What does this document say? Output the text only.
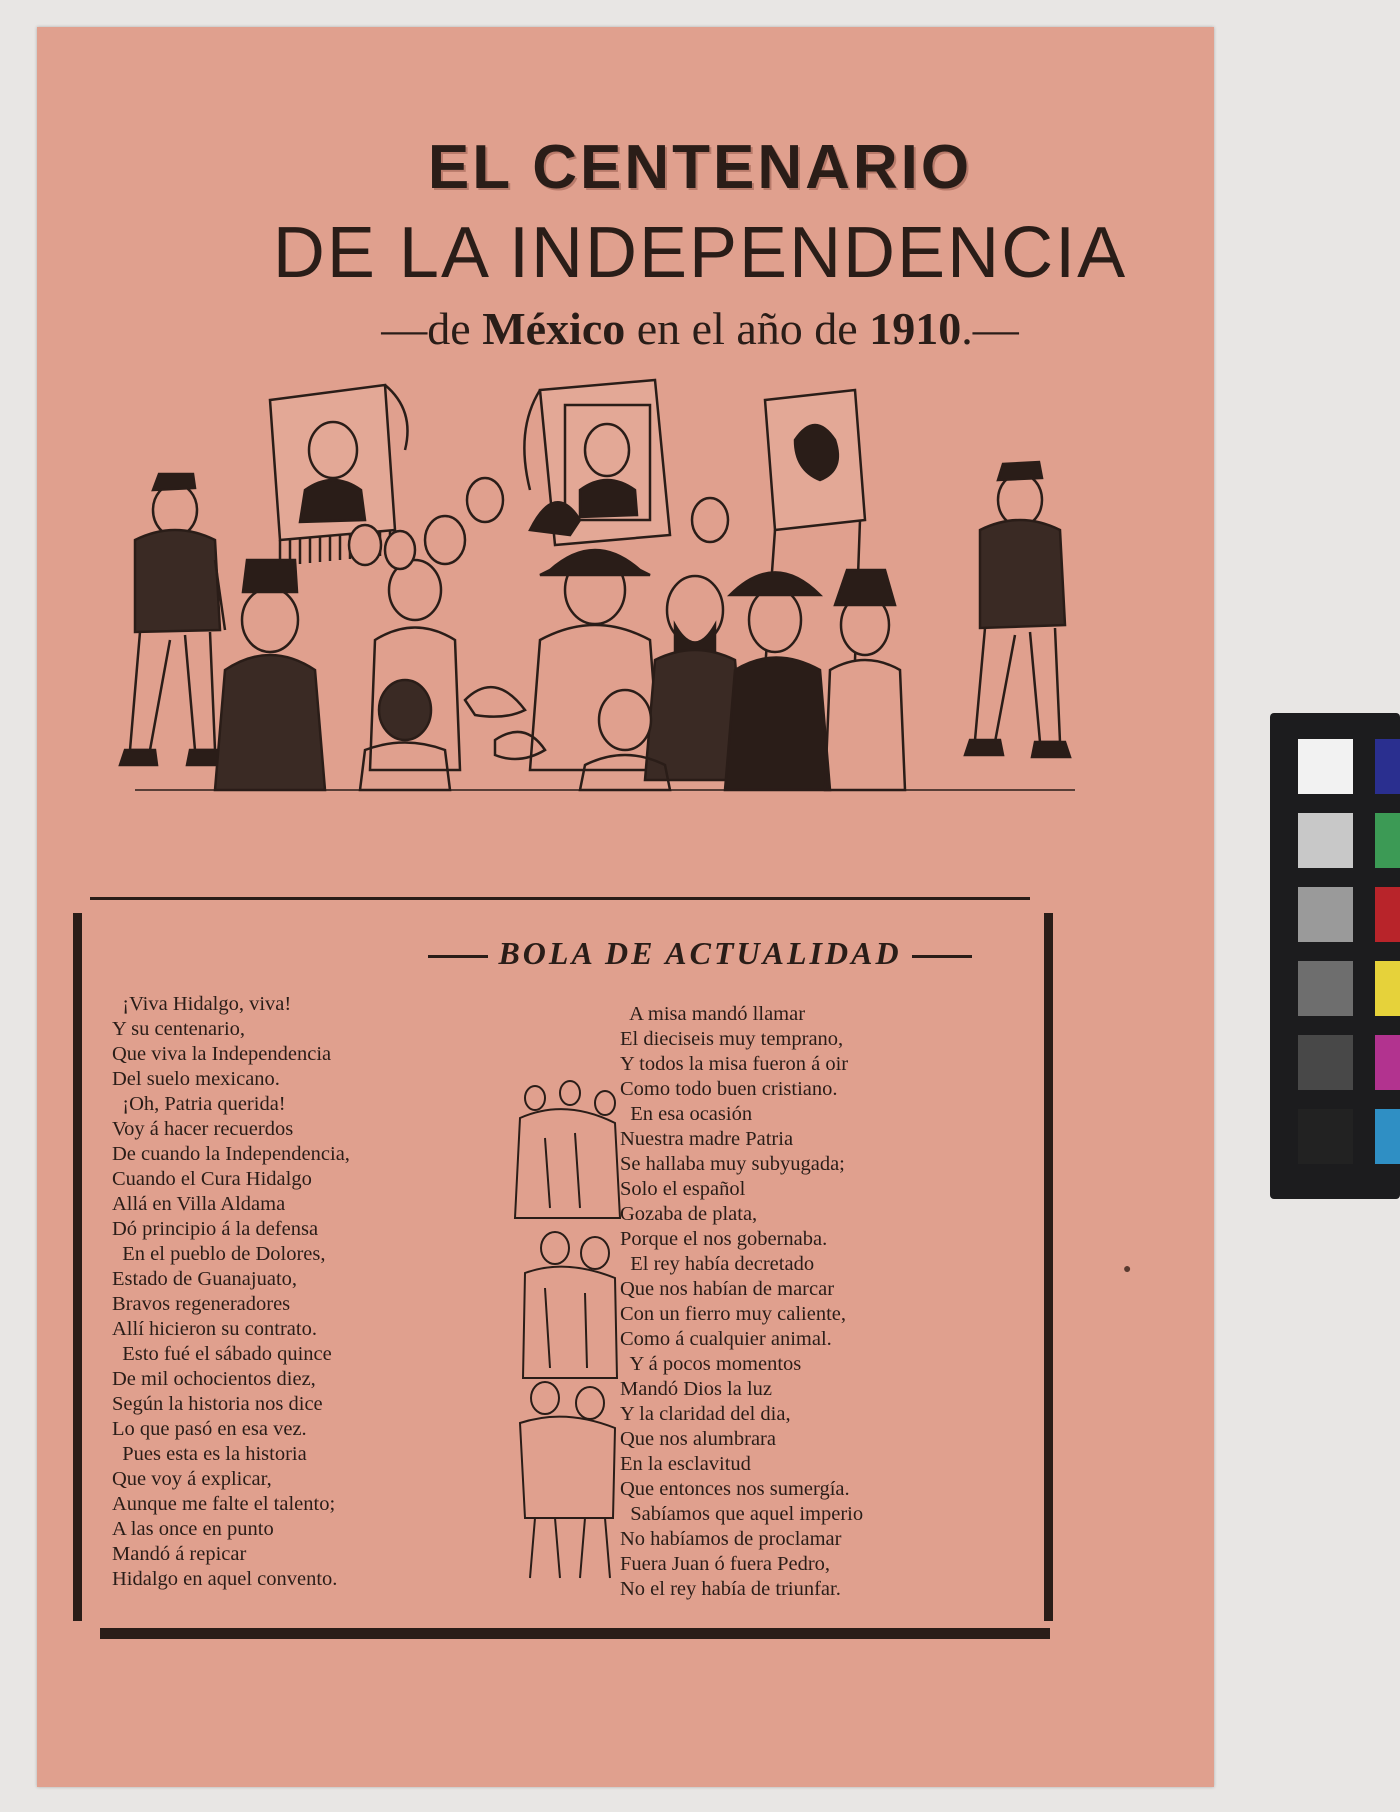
EL CENTENARIO
DE LA INDEPENDENCIA
—de México en el año de 1910.—
BOLA DE ACTUALIDAD
¡Viva Hidalgo, viva!
Y su centenario,
Que viva la Independencia
Del suelo mexicano.
¡Oh, Patria querida!
Voy á hacer recuerdos
De cuando la Independencia,
Cuando el Cura Hidalgo
Allá en Villa Aldama
Dó principio á la defensa
En el pueblo de Dolores,
Estado de Guanajuato,
Bravos regeneradores
Allí hicieron su contrato.
Esto fué el sábado quince
De mil ochocientos diez,
Según la historia nos dice
Lo que pasó en esa vez.
Pues esta es la historia
Que voy á explicar,
Aunque me falte el talento;
A las once en punto
Mandó á repicar
Hidalgo en aquel convento.
A misa mandó llamar
El dieciseis muy temprano,
Y todos la misa fueron á oir
Como todo buen cristiano.
En esa ocasión
Nuestra madre Patria
Se hallaba muy subyugada;
Solo el español
Gozaba de plata,
Porque el nos gobernaba.
El rey había decretado
Que nos habían de marcar
Con un fierro muy caliente,
Como á cualquier animal.
Y á pocos momentos
Mandó Dios la luz
Y la claridad del dia,
Que nos alumbrara
En la esclavitud
Que entonces nos sumergía.
Sabíamos que aquel imperio
No habíamos de proclamar
Fuera Juan ó fuera Pedro,
No el rey había de triunfar.
●
